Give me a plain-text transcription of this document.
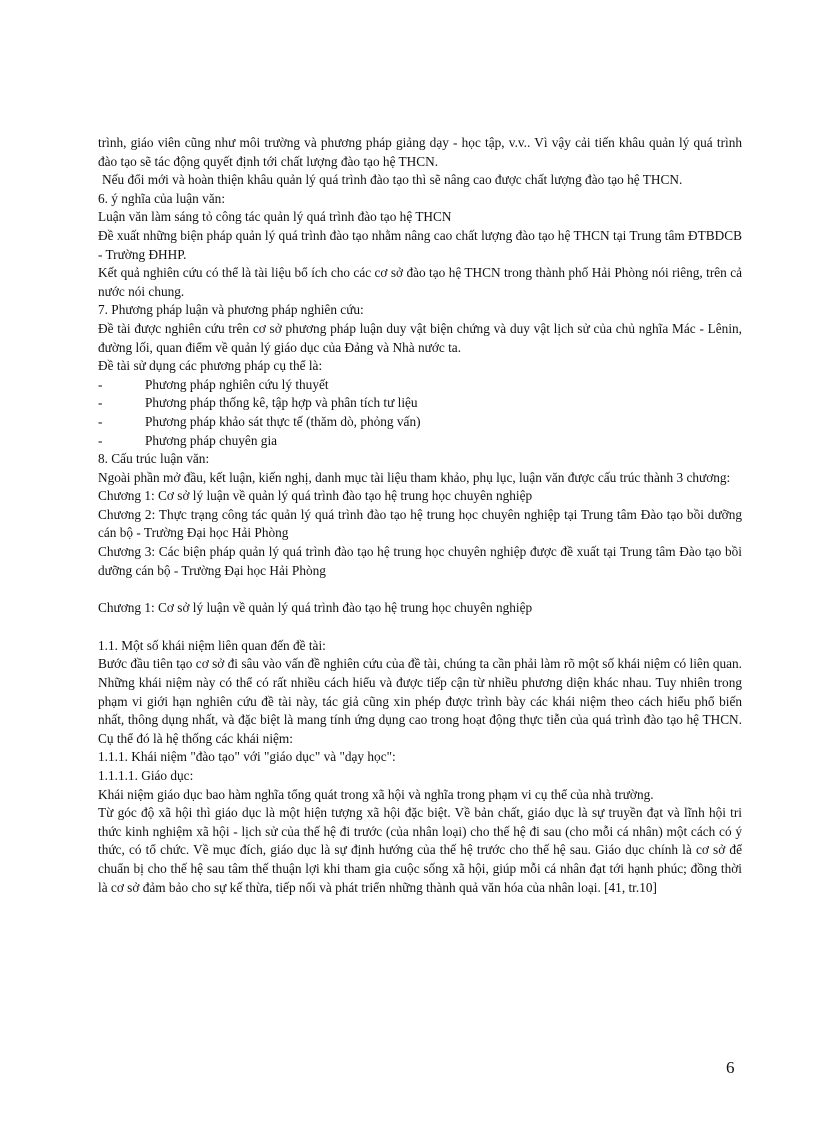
trình, giáo viên cũng như môi trường và phương pháp giảng dạy - học tập, v.v.. Vì vậy cải tiến khâu quản lý quá trình đào tạo sẽ tác động quyết định tới chất lượng đào tạo hệ THCN.

Nếu đổi mới và hoàn thiện khâu quản lý quá trình đào tạo thì sẽ nâng cao được chất lượng đào tạo hệ THCN.

6. ý nghĩa của luận văn:

Luận văn làm sáng tỏ công tác quản lý quá trình đào tạo hệ THCN

Đề xuất những biện pháp quản lý quá trình đào tạo nhằm nâng cao chất lượng đào tạo hệ THCN tại Trung tâm ĐTBDCB - Trường ĐHHP.

Kết quả nghiên cứu có thể là tài liệu bổ ích cho các cơ sở đào tạo hệ THCN trong thành phố Hải Phòng nói riêng, trên cả nước nói chung.

7. Phương pháp luận và phương pháp nghiên cứu:

Đề tài được nghiên cứu trên cơ sở phương pháp luận duy vật biện chứng và duy vật lịch sử của chủ nghĩa Mác - Lênin, đường lối, quan điểm về quản lý giáo dục của Đảng và Nhà nước ta.

Đề tài sử dụng các phương pháp cụ thể là:

-	Phương pháp nghiên cứu lý thuyết
-	Phương pháp thống kê, tập hợp và phân tích tư liệu
-	Phương pháp khảo sát thực tế (thăm dò, phỏng vấn)
-	Phương pháp chuyên gia

8. Cấu trúc luận văn:

Ngoài phần mở đầu, kết luận, kiến nghị, danh mục tài liệu tham khảo, phụ lục, luận văn được cấu trúc thành 3 chương:

Chương 1: Cơ sở lý luận về quản lý quá trình đào tạo hệ trung học chuyên nghiệp

Chương 2: Thực trạng công tác quản lý quá trình đào tạo hệ trung học chuyên nghiệp tại Trung tâm Đào tạo bồi dưỡng cán bộ - Trường Đại học Hải Phòng

Chương 3: Các biện pháp quản lý quá trình đào tạo hệ trung học chuyên nghiệp được đề xuất tại Trung tâm Đào tạo bồi dưỡng cán bộ - Trường Đại học Hải Phòng

Chương 1: Cơ sở lý luận về quản lý quá trình đào tạo hệ trung học chuyên nghiệp

1.1. Một số khái niệm liên quan đến đề tài:

Bước đầu tiên tạo cơ sở đi sâu vào vấn đề nghiên cứu của đề tài, chúng ta cần phải làm rõ một số khái niệm có liên quan. Những khái niệm này có thể có rất nhiều cách hiểu và được tiếp cận từ nhiều phương diện khác nhau. Tuy nhiên trong phạm vi giới hạn nghiên cứu đề tài này, tác giả cũng xin phép được trình bày các khái niệm theo cách hiểu phổ biến nhất, thông dụng nhất, và đặc biệt là mang tính ứng dụng cao trong hoạt động thực tiễn của quá trình đào tạo hệ THCN. Cụ thể đó là hệ thống các khái niệm:

1.1.1. Khái niệm "đào tạo" với "giáo dục" và "dạy học":

1.1.1.1. Giáo dục:

Khái niệm giáo dục bao hàm nghĩa tổng quát trong xã hội và nghĩa trong phạm vi cụ thể của nhà trường.

Từ góc độ xã hội thì giáo dục là một hiện tượng xã hội đặc biệt. Về bản chất, giáo dục là sự truyền đạt và lĩnh hội tri thức kinh nghiệm xã hội - lịch sử của thế hệ đi trước (của nhân loại) cho thế hệ đi sau (cho mỗi cá nhân) một cách có ý thức, có tổ chức. Về mục đích, giáo dục là sự định hướng của thế hệ trước cho thế hệ sau. Giáo dục chính là cơ sở để chuẩn bị cho thế hệ sau tâm thế thuận lợi khi tham gia cuộc sống xã hội, giúp mỗi cá nhân đạt tới hạnh phúc; đồng thời là cơ sở đảm bảo cho sự kế thừa, tiếp nối và phát triển những thành quả văn hóa của nhân loại. [41, tr.10]

6
